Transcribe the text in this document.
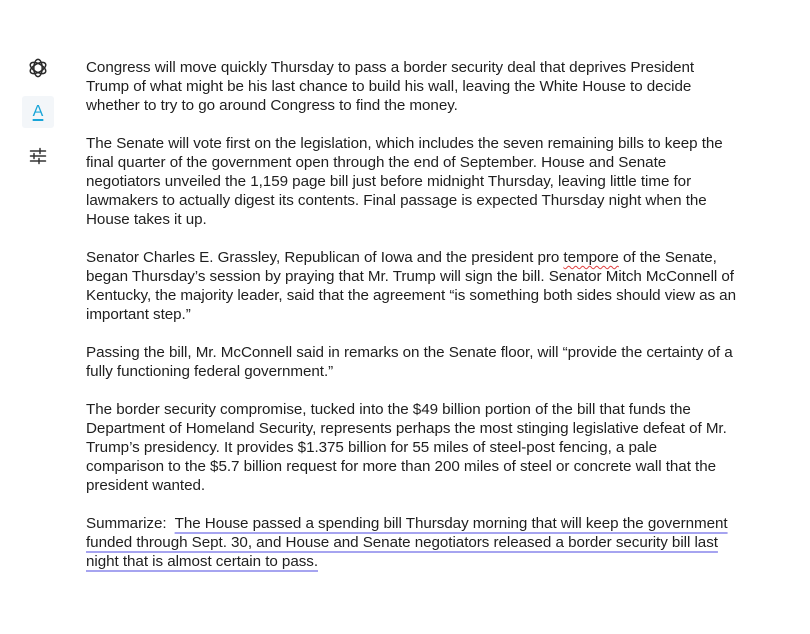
A

Congress will move quickly Thursday to pass a border security deal that deprives President Trump of what might be his last chance to build his wall, leaving the White House to decide whether to try to go around Congress to find the money.

The Senate will vote first on the legislation, which includes the seven remaining bills to keep the final quarter of the government open through the end of September. House and Senate negotiators unveiled the 1,159 page bill just before midnight Thursday, leaving little time for lawmakers to actually digest its contents. Final passage is expected Thursday night when the House takes it up.

Senator Charles E. Grassley, Republican of Iowa and the president pro tempore of the Senate, began Thursday’s session by praying that Mr. Trump will sign the bill. Senator Mitch McConnell of Kentucky, the majority leader, said that the agreement “is something both sides should view as an important step.”

Passing the bill, Mr. McConnell said in remarks on the Senate floor, will “provide the certainty of a fully functioning federal government.”

The border security compromise, tucked into the $49 billion portion of the bill that funds the Department of Homeland Security, represents perhaps the most stinging legislative defeat of Mr. Trump’s presidency. It provides $1.375 billion for 55 miles of steel-post fencing, a pale comparison to the $5.7 billion request for more than 200 miles of steel or concrete wall that the president wanted.

Summarize: The House passed a spending bill Thursday morning that will keep the government funded through Sept. 30, and House and Senate negotiators released a border security bill last night that is almost certain to pass.
